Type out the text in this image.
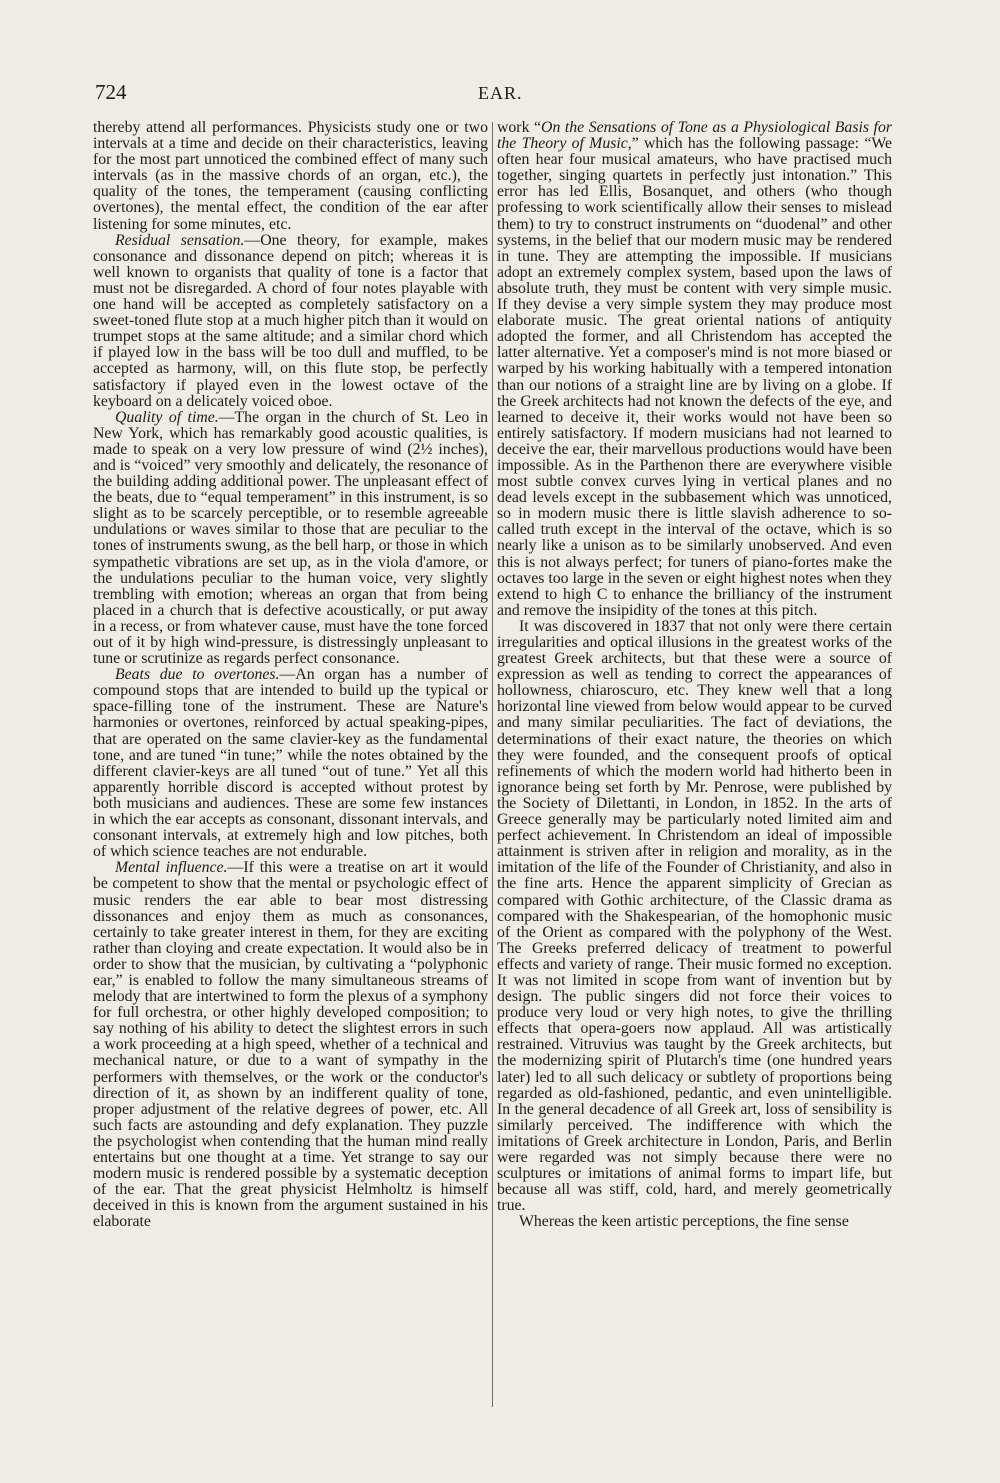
724	EAR.

thereby attend all performances. Physicists study one or two intervals at a time and decide on their characteristics, leaving for the most part unnoticed the combined effect of many such intervals (as in the massive chords of an organ, etc.), the quality of the tones, the temperament (causing conflicting overtones), the mental effect, the condition of the ear after listening for some minutes, etc.

Residual sensation.—One theory, for example, makes consonance and dissonance depend on pitch; whereas it is well known to organists that quality of tone is a factor that must not be disregarded. A chord of four notes playable with one hand will be accepted as completely satisfactory on a sweet-toned flute stop at a much higher pitch than it would on trumpet stops at the same altitude; and a similar chord which if played low in the bass will be too dull and muffled, to be accepted as harmony, will, on this flute stop, be perfectly satisfactory if played even in the lowest octave of the keyboard on a delicately voiced oboe.

Quality of time.—The organ in the church of St. Leo in New York, which has remarkably good acoustic qualities, is made to speak on a very low pressure of wind (2½ inches), and is “voiced” very smoothly and delicately, the resonance of the building adding additional power. The unpleasant effect of the beats, due to “equal temperament” in this instrument, is so slight as to be scarcely perceptible, or to resemble agreeable undulations or waves similar to those that are peculiar to the tones of instruments swung, as the bell harp, or those in which sympathetic vibrations are set up, as in the viola d'amore, or the undulations peculiar to the human voice, very slightly trembling with emotion; whereas an organ that from being placed in a church that is defective acoustically, or put away in a recess, or from whatever cause, must have the tone forced out of it by high wind-pressure, is distressingly unpleasant to tune or scrutinize as regards perfect consonance.

Beats due to overtones.—An organ has a number of compound stops that are intended to build up the typical or space-filling tone of the instrument. These are Nature's harmonies or overtones, reinforced by actual speaking-pipes, that are operated on the same clavier-key as the fundamental tone, and are tuned “in tune;” while the notes obtained by the different clavier-keys are all tuned “out of tune.” Yet all this apparently horrible discord is accepted without protest by both musicians and audiences. These are some few instances in which the ear accepts as consonant, dissonant intervals, and consonant intervals, at extremely high and low pitches, both of which science teaches are not endurable.

Mental influence.—If this were a treatise on art it would be competent to show that the mental or psychologic effect of music renders the ear able to bear most distressing dissonances and enjoy them as much as consonances, certainly to take greater interest in them, for they are exciting rather than cloying and create expectation. It would also be in order to show that the musician, by cultivating a “polyphonic ear,” is enabled to follow the many simultaneous streams of melody that are intertwined to form the plexus of a symphony for full orchestra, or other highly developed composition; to say nothing of his ability to detect the slightest errors in such a work proceeding at a high speed, whether of a technical and mechanical nature, or due to a want of sympathy in the performers with themselves, or the work or the conductor's direction of it, as shown by an indifferent quality of tone, proper adjustment of the relative degrees of power, etc. All such facts are astounding and defy explanation. They puzzle the psychologist when contending that the human mind really entertains but one thought at a time. Yet strange to say our modern music is rendered possible by a systematic deception of the ear. That the great physicist Helmholtz is himself deceived in this is known from the argument sustained in his elaborate

work “On the Sensations of Tone as a Physiological Basis for the Theory of Music,” which has the following passage: “We often hear four musical amateurs, who have practised much together, singing quartets in perfectly just intonation.” This error has led Ellis, Bosanquet, and others (who though professing to work scientifically allow their senses to mislead them) to try to construct instruments on “duodenal” and other systems, in the belief that our modern music may be rendered in tune. They are attempting the impossible. If musicians adopt an extremely complex system, based upon the laws of absolute truth, they must be content with very simple music. If they devise a very simple system they may produce most elaborate music. The great oriental nations of antiquity adopted the former, and all Christendom has accepted the latter alternative. Yet a composer's mind is not more biased or warped by his working habitually with a tempered intonation than our notions of a straight line are by living on a globe. If the Greek architects had not known the defects of the eye, and learned to deceive it, their works would not have been so entirely satisfactory. If modern musicians had not learned to deceive the ear, their marvellous productions would have been impossible. As in the Parthenon there are everywhere visible most subtle convex curves lying in vertical planes and no dead levels except in the subbasement which was unnoticed, so in modern music there is little slavish adherence to so-called truth except in the interval of the octave, which is so nearly like a unison as to be similarly unobserved. And even this is not always perfect; for tuners of piano-fortes make the octaves too large in the seven or eight highest notes when they extend to high C to enhance the brilliancy of the instrument and remove the insipidity of the tones at this pitch.

It was discovered in 1837 that not only were there certain irregularities and optical illusions in the greatest works of the greatest Greek architects, but that these were a source of expression as well as tending to correct the appearances of hollowness, chiaroscuro, etc. They knew well that a long horizontal line viewed from below would appear to be curved and many similar peculiarities. The fact of deviations, the determinations of their exact nature, the theories on which they were founded, and the consequent proofs of optical refinements of which the modern world had hitherto been in ignorance being set forth by Mr. Penrose, were published by the Society of Dilettanti, in London, in 1852. In the arts of Greece generally may be particularly noted limited aim and perfect achievement. In Christendom an ideal of impossible attainment is striven after in religion and morality, as in the imitation of the life of the Founder of Christianity, and also in the fine arts. Hence the apparent simplicity of Grecian as compared with Gothic architecture, of the Classic drama as compared with the Shakespearian, of the homophonic music of the Orient as compared with the polyphony of the West. The Greeks preferred delicacy of treatment to powerful effects and variety of range. Their music formed no exception. It was not limited in scope from want of invention but by design. The public singers did not force their voices to produce very loud or very high notes, to give the thrilling effects that opera-goers now applaud. All was artistically restrained. Vitruvius was taught by the Greek architects, but the modernizing spirit of Plutarch's time (one hundred years later) led to all such delicacy or subtlety of proportions being regarded as old-fashioned, pedantic, and even unintelligible. In the general decadence of all Greek art, loss of sensibility is similarly perceived. The indifference with which the imitations of Greek architecture in London, Paris, and Berlin were regarded was not simply because there were no sculptures or imitations of animal forms to impart life, but because all was stiff, cold, hard, and merely geometrically true.

Whereas the keen artistic perceptions, the fine sense
